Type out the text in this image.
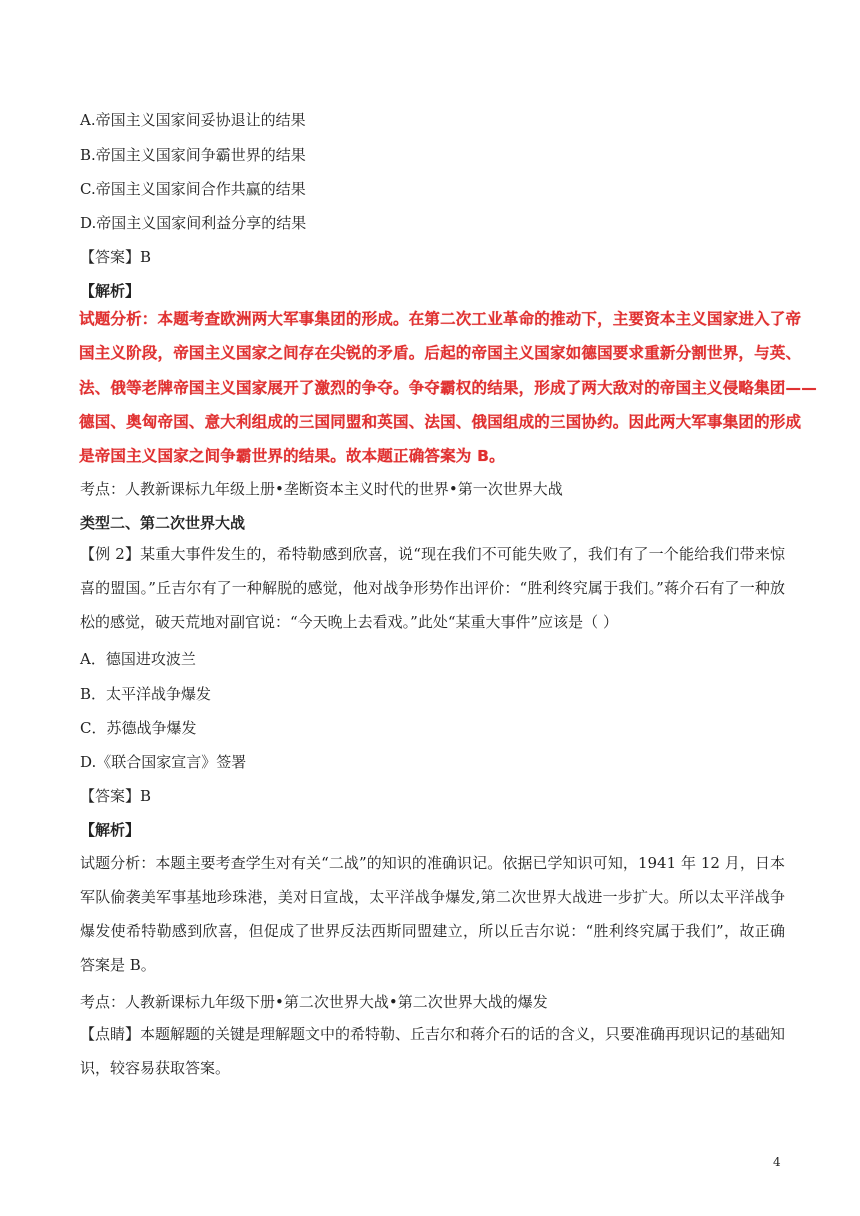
A.帝国主义国家间妥协退让的结果
B.帝国主义国家间争霸世界的结果
C.帝国主义国家间合作共赢的结果
D.帝国主义国家间利益分享的结果
【答案】B
【解析】
试题分析：本题考查欧洲两大军事集团的形成。在第二次工业革命的推动下，主要资本主义国家进入了帝
国主义阶段，帝国主义国家之间存在尖锐的矛盾。后起的帝国主义国家如德国要求重新分割世界，与英、
法、俄等老牌帝国主义国家展开了激烈的争夺。争夺霸权的结果，形成了两大敌对的帝国主义侵略集团——
德国、奥匈帝国、意大利组成的三国同盟和英国、法国、俄国组成的三国协约。因此两大军事集团的形成
是帝国主义国家之间争霸世界的结果。故本题正确答案为 B。
考点：人教新课标九年级上册•垄断资本主义时代的世界•第一次世界大战
类型二、第二次世界大战
【例 2】某重大事件发生的，希特勒感到欣喜，说“现在我们不可能失败了，我们有了一个能给我们带来惊喜的盟国。”丘吉尔有了一种解脱的感觉，他对战争形势作出评价：“胜利终究属于我们。”蒋介石有了一种放松的感觉，破天荒地对副官说：“今天晚上去看戏。”此处“某重大事件”应该是（ ）
A．德国进攻波兰
B．太平洋战争爆发
C．苏德战争爆发
D.《联合国家宣言》签署
【答案】B
【解析】
试题分析：本题主要考查学生对有关“二战”的知识的准确识记。依据已学知识可知，1941 年 12 月，日本军队偷袭美军事基地珍珠港，美对日宣战，太平洋战争爆发,第二次世界大战进一步扩大。所以太平洋战争爆发使希特勒感到欣喜，但促成了世界反法西斯同盟建立，所以丘吉尔说：“胜利终究属于我们”，故正确答案是 B。
考点：人教新课标九年级下册•第二次世界大战•第二次世界大战的爆发
【点睛】本题解题的关键是理解题文中的希特勒、丘吉尔和蒋介石的话的含义，只要准确再现识记的基础知识，较容易获取答案。
4
